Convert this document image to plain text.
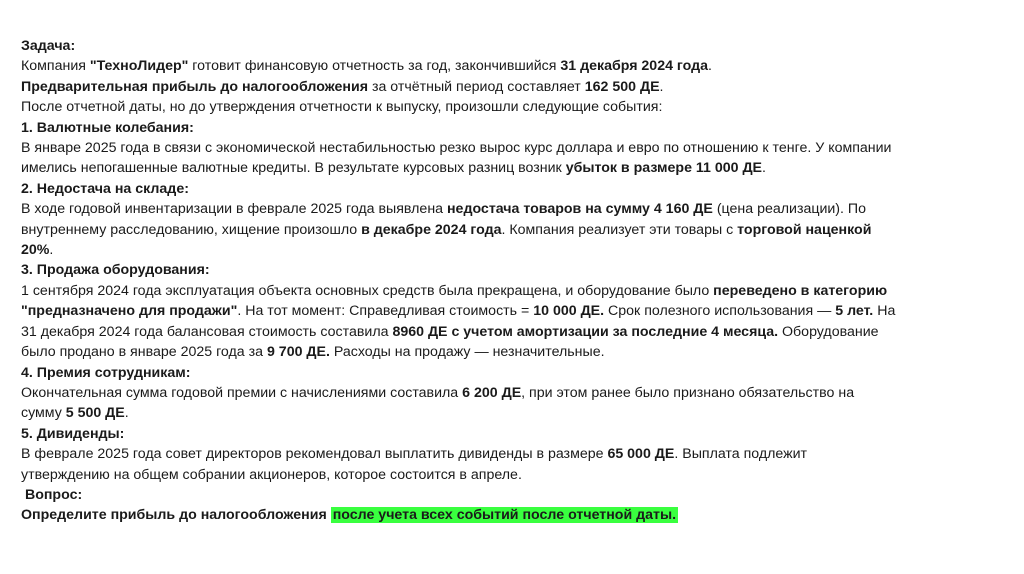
Задача:
Компания "ТехноЛидер" готовит финансовую отчетность за год, закончившийся 31 декабря 2024 года.
Предварительная прибыль до налогообложения за отчётный период составляет 162 500 ДЕ.
После отчетной даты, но до утверждения отчетности к выпуску, произошли следующие события:
1. Валютные колебания:
В январе 2025 года в связи с экономической нестабильностью резко вырос курс доллара и евро по отношению к тенге. У компании
имелись непогашенные валютные кредиты. В результате курсовых разниц возник убыток в размере 11 000 ДЕ.
2. Недостача на складе:
В ходе годовой инвентаризации в феврале 2025 года выявлена недостача товаров на сумму 4 160 ДЕ (цена реализации). По
внутреннему расследованию, хищение произошло в декабре 2024 года. Компания реализует эти товары с торговой наценкой
20%.
3. Продажа оборудования:
1 сентября 2024 года эксплуатация объекта основных средств была прекращена, и оборудование было переведено в категорию
"предназначено для продажи". На тот момент: Справедливая стоимость = 10 000 ДЕ. Срок полезного использования — 5 лет. На
31 декабря 2024 года балансовая стоимость составила 8960 ДЕ с учетом амортизации за последние 4 месяца. Оборудование
было продано в январе 2025 года за 9 700 ДЕ. Расходы на продажу — незначительные.
4. Премия сотрудникам:
Окончательная сумма годовой премии с начислениями составила 6 200 ДЕ, при этом ранее было признано обязательство на
сумму 5 500 ДЕ.
5. Дивиденды:
В феврале 2025 года совет директоров рекомендовал выплатить дивиденды в размере 65 000 ДЕ. Выплата подлежит
утверждению на общем собрании акционеров, которое состоится в апреле.
Вопрос:
Определите прибыль до налогообложения после учета всех событий после отчетной даты.
